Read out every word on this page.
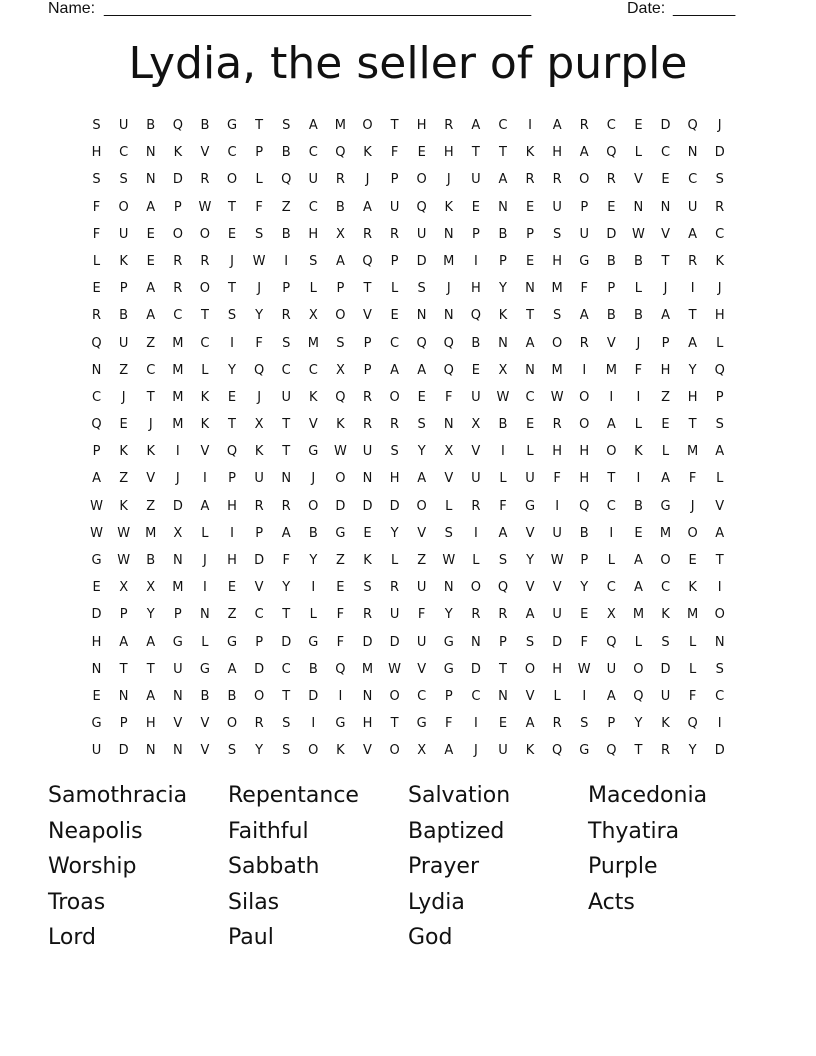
Name: ________________________________________________	Date: _______
Lydia, the seller of purple
S	U	B	Q	B	G	T	S	A	M	O	T	H	R	A	C	I	A	R	C	E	D	Q	J
H	C	N	K	V	C	P	B	C	Q	K	F	E	H	T	T	K	H	A	Q	L	C	N	D
S	S	N	D	R	O	L	Q	U	R	J	P	O	J	U	A	R	R	O	R	V	E	C	S
F	O	A	P	W	T	F	Z	C	B	A	U	Q	K	E	N	E	U	P	E	N	N	U	R
F	U	E	O	O	E	S	B	H	X	R	R	U	N	P	B	P	S	U	D	W	V	A	C
L	K	E	R	R	J	W	I	S	A	Q	P	D	M	I	P	E	H	G	B	B	T	R	K
E	P	A	R	O	T	J	P	L	P	T	L	S	J	H	Y	N	M	F	P	L	J	I	J
R	B	A	C	T	S	Y	R	X	O	V	E	N	N	Q	K	T	S	A	B	B	A	T	H
Q	U	Z	M	C	I	F	S	M	S	P	C	Q	Q	B	N	A	O	R	V	J	P	A	L
N	Z	C	M	L	Y	Q	C	C	X	P	A	A	Q	E	X	N	M	I	M	F	H	Y	Q
C	J	T	M	K	E	J	U	K	Q	R	O	E	F	U	W	C	W	O	I	I	Z	H	P
Q	E	J	M	K	T	X	T	V	K	R	R	S	N	X	B	E	R	O	A	L	E	T	S
P	K	K	I	V	Q	K	T	G	W	U	S	Y	X	V	I	L	H	H	O	K	L	M	A
A	Z	V	J	I	P	U	N	J	O	N	H	A	V	U	L	U	F	H	T	I	A	F	L
W	K	Z	D	A	H	R	R	O	D	D	D	O	L	R	F	G	I	Q	C	B	G	J	V
W	W	M	X	L	I	P	A	B	G	E	Y	V	S	I	A	V	U	B	I	E	M	O	A
G	W	B	N	J	H	D	F	Y	Z	K	L	Z	W	L	S	Y	W	P	L	A	O	E	T
E	X	X	M	I	E	V	Y	I	E	S	R	U	N	O	Q	V	V	Y	C	A	C	K	I
D	P	Y	P	N	Z	C	T	L	F	R	U	F	Y	R	R	A	U	E	X	M	K	M	O
H	A	A	G	L	G	P	D	G	F	D	D	U	G	N	P	S	D	F	Q	L	S	L	N
N	T	T	U	G	A	D	C	B	Q	M	W	V	G	D	T	O	H	W	U	O	D	L	S
E	N	A	N	B	B	O	T	D	I	N	O	C	P	C	N	V	L	I	A	Q	U	F	C
G	P	H	V	V	O	R	S	I	G	H	T	G	F	I	E	A	R	S	P	Y	K	Q	I
U	D	N	N	V	S	Y	S	O	K	V	O	X	A	J	U	K	Q	G	Q	T	R	Y	D
Samothracia	Repentance	Salvation	Macedonia
Neapolis	Faithful	Baptized	Thyatira
Worship	Sabbath	Prayer	Purple
Troas	Silas	Lydia	Acts
Lord	Paul	God
